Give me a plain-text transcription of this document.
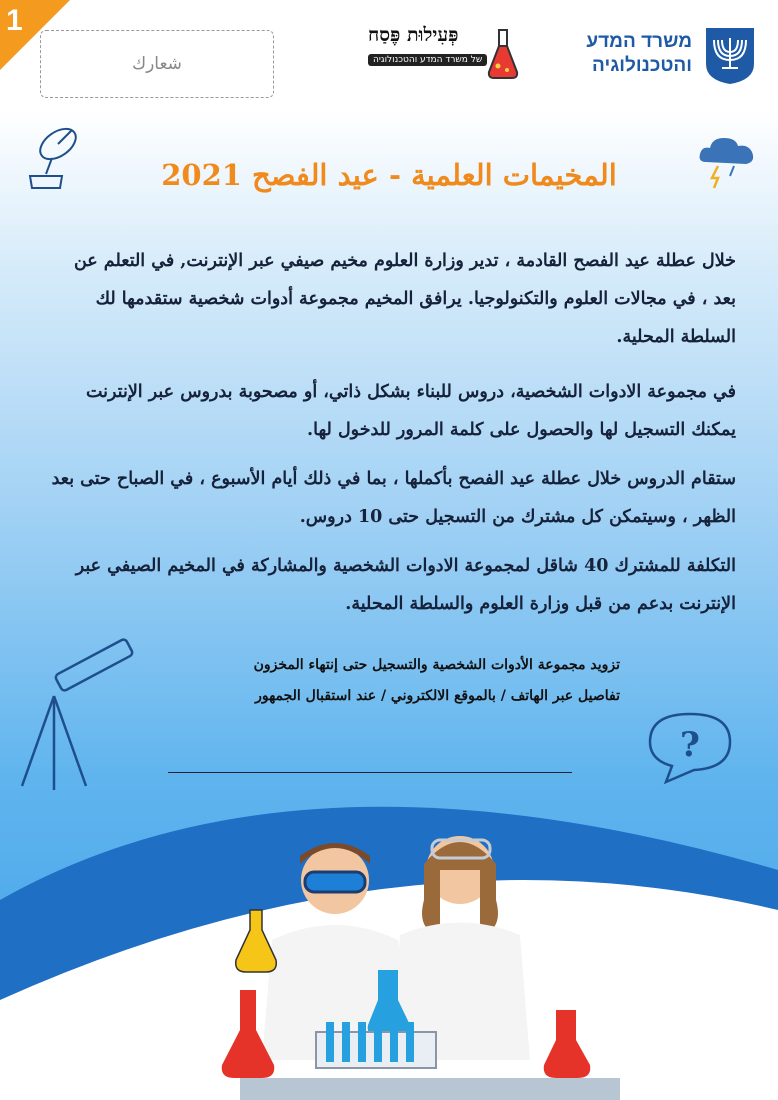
1
شعارك
פְּעִילוּת פֶּסַח
של משרד המדע והטכנולוגיה
משרד המדע
והטכנולוגיה
المخيمات العلمية - عيد الفصح 2021

خلال عطلة عيد الفصح القادمة ، تدير وزارة العلوم مخيم صيفي عبر الإنترنت, في التعلم عن بعد ، في مجالات العلوم والتكنولوجيا. يرافق المخيم مجموعة أدوات شخصية ستقدمها لك السلطة المحلية.

في مجموعة الادوات الشخصية، دروس للبناء بشكل ذاتي، أو مصحوبة بدروس عبر الإنترنت يمكنك التسجيل لها والحصول على كلمة المرور للدخول لها.

ستقام الدروس خلال عطلة عيد الفصح بأكملها ، بما في ذلك أيام الأسبوع ، في الصباح حتى بعد الظهر ، وسيتمكن كل مشترك من التسجيل حتى 10 دروس.

التكلفة للمشترك 40 شاقل لمجموعة الادوات الشخصية والمشاركة في المخيم الصيفي عبر الإنترنت بدعم من قبل وزارة العلوم والسلطة المحلية.

تزويد مجموعة الأدوات الشخصية والتسجيل حتى إنتهاء المخزون
تفاصيل عبر الهاتف / بالموقع الالكتروني / عند استقبال الجمهور
?
